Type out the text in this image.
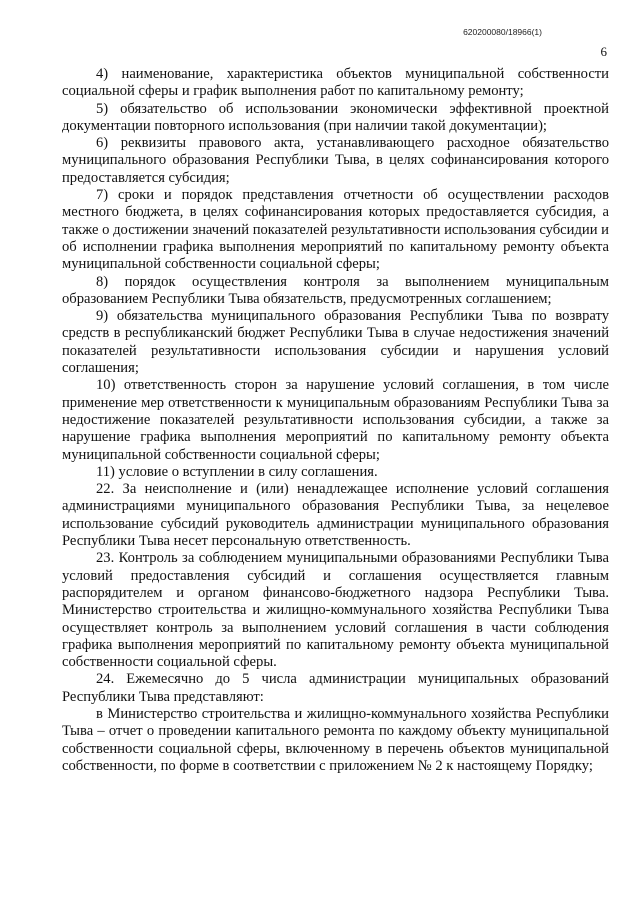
620200080/18966(1)
6

4) наименование, характеристика объектов муниципальной собственности социальной сферы и график выполнения работ по капитальному ремонту;

5) обязательство об использовании экономически эффективной проектной документации повторного использования (при наличии такой документации);

6) реквизиты правового акта, устанавливающего расходное обязательство муниципального образования Республики Тыва, в целях софинансирования которого предоставляется субсидия;

7) сроки и порядок представления отчетности об осуществлении расходов местного бюджета, в целях софинансирования которых предоставляется субсидия, а также о достижении значений показателей результативности использования субсидии и об исполнении графика выполнения мероприятий по капитальному ремонту объекта муниципальной собственности социальной сферы;

8) порядок осуществления контроля за выполнением муниципальным образованием Республики Тыва обязательств, предусмотренных соглашением;

9) обязательства муниципального образования Республики Тыва по возврату средств в республиканский бюджет Республики Тыва в случае недостижения значений показателей результативности использования субсидии и нарушения условий соглашения;

10) ответственность сторон за нарушение условий соглашения, в том числе применение мер ответственности к муниципальным образованиям Республики Тыва за недостижение показателей результативности использования субсидии, а также за нарушение графика выполнения мероприятий по капитальному ремонту объекта муниципальной собственности социальной сферы;

11) условие о вступлении в силу соглашения.

22. За неисполнение и (или) ненадлежащее исполнение условий соглашения администрациями муниципального образования Республики Тыва, за нецелевое использование субсидий руководитель администрации муниципального образования Республики Тыва несет персональную ответственность.

23. Контроль за соблюдением муниципальными образованиями Республики Тыва условий предоставления субсидий и соглашения осуществляется главным распорядителем и органом финансово-бюджетного надзора Республики Тыва. Министерство строительства и жилищно-коммунального хозяйства Республики Тыва осуществляет контроль за выполнением условий соглашения в части соблюдения графика выполнения мероприятий по капитальному ремонту объекта муниципальной собственности социальной сферы.

24. Ежемесячно до 5 числа администрации муниципальных образований Республики Тыва представляют:

в Министерство строительства и жилищно-коммунального хозяйства Республики Тыва – отчет о проведении капитального ремонта по каждому объекту муниципальной собственности социальной сферы, включенному в перечень объектов муниципальной собственности, по форме в соответствии с приложением № 2 к настоящему Порядку;
